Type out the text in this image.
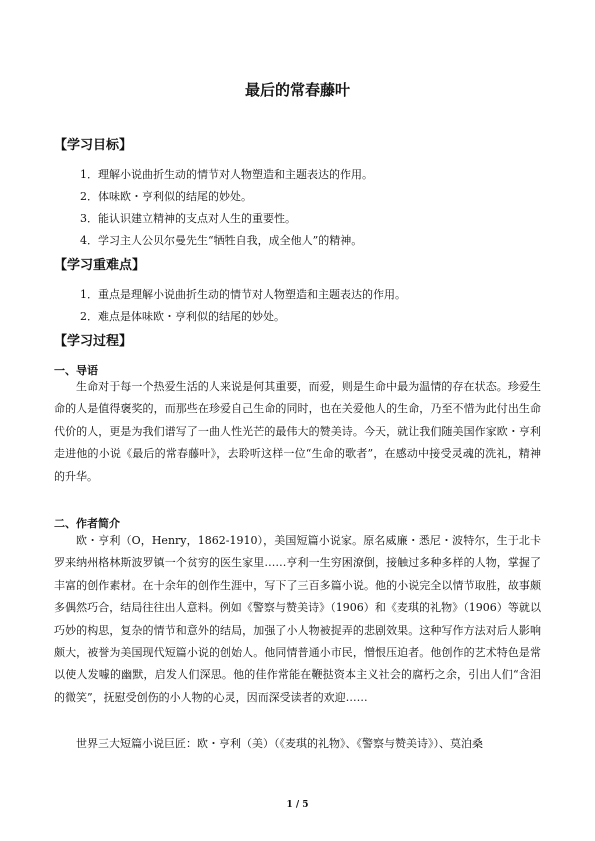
最后的常春藤叶
【学习目标】
1．理解小说曲折生动的情节对人物塑造和主题表达的作用。
2．体味欧・亨利似的结尾的妙处。
3．能认识建立精神的支点对人生的重要性。
4．学习主人公贝尔曼先生“牺牲自我，成全他人”的精神。
【学习重难点】
1．重点是理解小说曲折生动的情节对人物塑造和主题表达的作用。
2．难点是体味欧・亨利似的结尾的妙处。
【学习过程】
一、导语
生命对于每一个热爱生活的人来说是何其重要，而爱，则是生命中最为温情的存在状态。珍爱生命的人是值得褒奖的，而那些在珍爱自己生命的同时，也在关爱他人的生命，乃至不惜为此付出生命代价的人，更是为我们谱写了一曲人性光芒的最伟大的赞美诗。今天，就让我们随美国作家欧・亨利走进他的小说《最后的常春藤叶》，去聆听这样一位“生命的歌者”，在感动中接受灵魂的洗礼，精神的升华。
二、作者简介
欧・亨利（O，Henry，1862-1910），美国短篇小说家。原名威廉・悉尼・波特尔，生于北卡罗来纳州格林斯波罗镇一个贫穷的医生家里……亨利一生穷困潦倒，接触过多种多样的人物，掌握了丰富的创作素材。在十余年的创作生涯中，写下了三百多篇小说。他的小说完全以情节取胜，故事颇多偶然巧合，结局往往出人意料。例如《警察与赞美诗》（1906）和《麦琪的礼物》（1906）等就以巧妙的构思，复杂的情节和意外的结局，加强了小人物被捉弄的悲剧效果。这种写作方法对后人影响颇大，被誉为美国现代短篇小说的创始人。他同情普通小市民，憎恨压迫者。他创作的艺术特色是常以使人发噱的幽默，启发人们深思。他的佳作常能在鞭挞资本主义社会的腐朽之余，引出人们“含泪的微笑”，抚慰受创伤的小人物的心灵，因而深受读者的欢迎……
世界三大短篇小说巨匠：欧・亨利（美）（《麦琪的礼物》、《警察与赞美诗》）、莫泊桑
1 / 5
